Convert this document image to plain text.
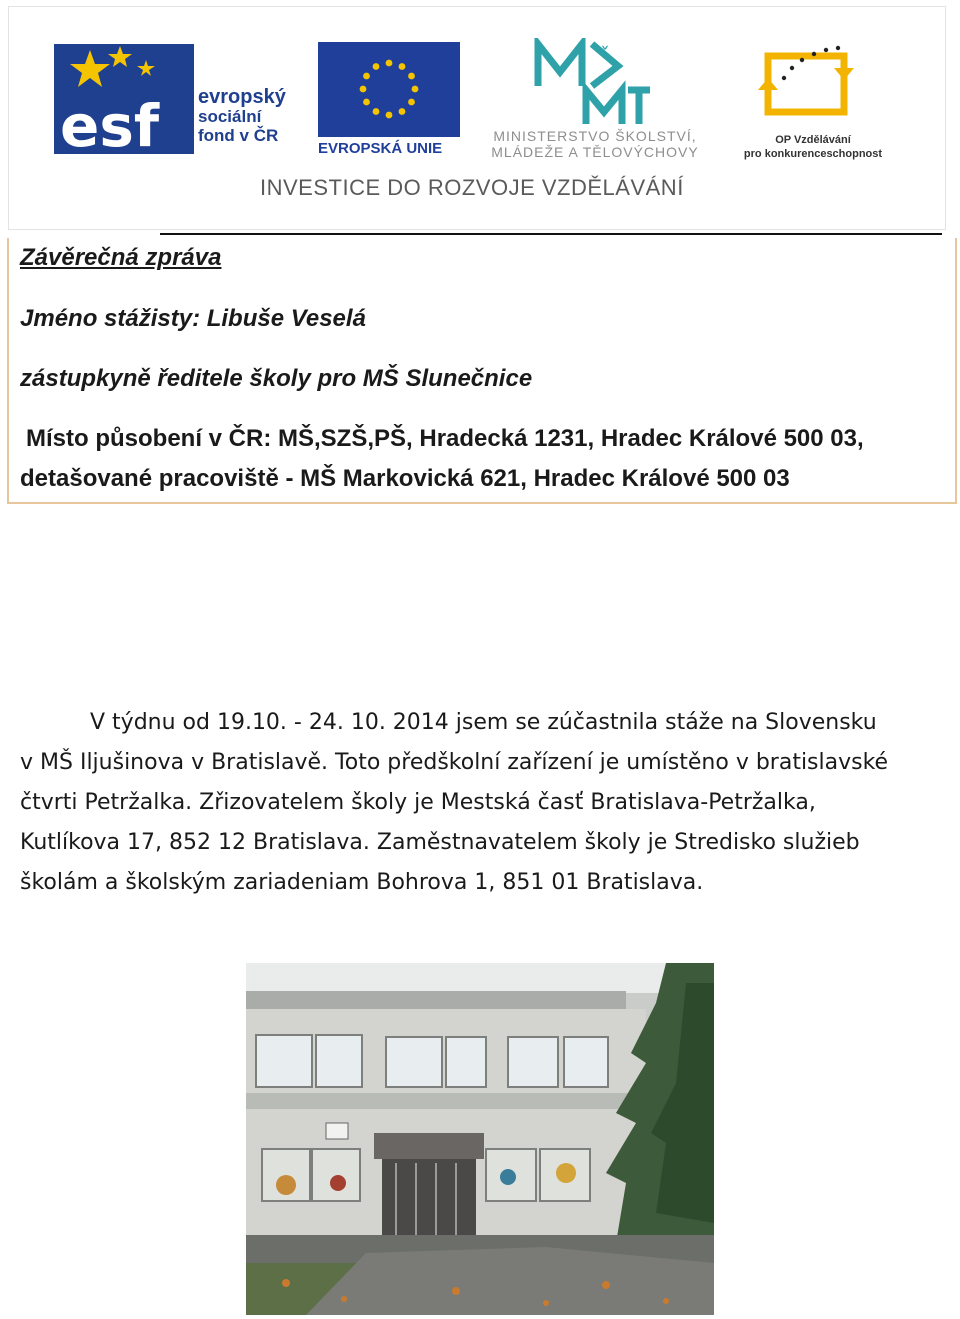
esf evropský
sociální
fond v ČR
EVROPSKÁ UNIE
ˇ
MINISTERSTVO ŠKOLSTVÍ,
MLÁDEŽE A TĚLOVÝCHOVY
OP Vzdělávání
pro konkurenceschopnost
INVESTICE DO ROZVOJE VZDĚLÁVÁNÍ
Závěrečná zpráva
Jméno stážisty: Libuše Veselá
zástupkyně ředitele školy pro MŠ Slunečnice
Místo působení v ČR: MŠ,SZŠ,PŠ, Hradecká 1231, Hradec Králové 500 03,
detašované pracoviště - MŠ Markovická 621, Hradec Králové 500 03
V týdnu od 19.10. - 24. 10. 2014 jsem se zúčastnila stáže na Slovensku
v MŠ Iljušinova v Bratislavě. Toto předškolní zařízení je umístěno v bratislavské
čtvrti Petržalka. Zřizovatelem školy je Mestská časť Bratislava-Petržalka,
Kutlíkova 17, 852 12 Bratislava. Zaměstnavatelem školy je Stredisko služieb
školám a školským zariadeniam Bohrova 1, 851 01 Bratislava.
